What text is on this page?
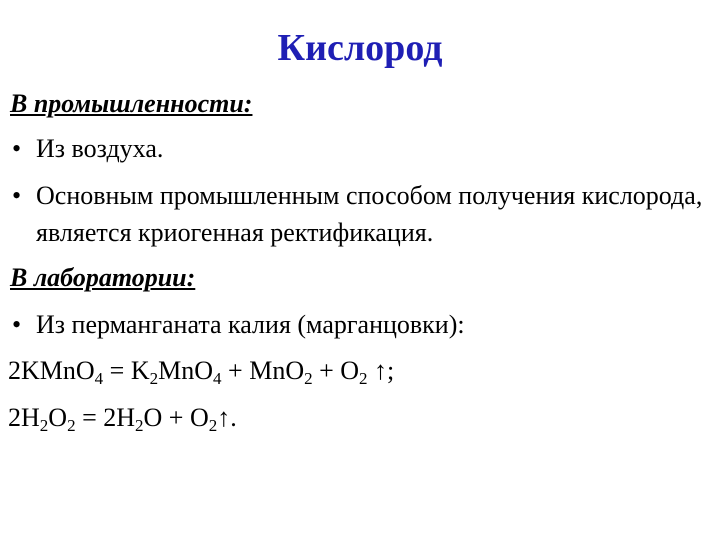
Кислород

В промышленности:

• Из воздуха.
• Основным промышленным способом получения кислорода, является криогенная ректификация.

В лаборатории:

• Из перманганата калия (марганцовки):

2KMnO$_4$ = $K_2MnO_4 + MnO_2 + O_2$ ↑;

$2H_2O_2 = 2H_2O$ + $O_2↑$.
